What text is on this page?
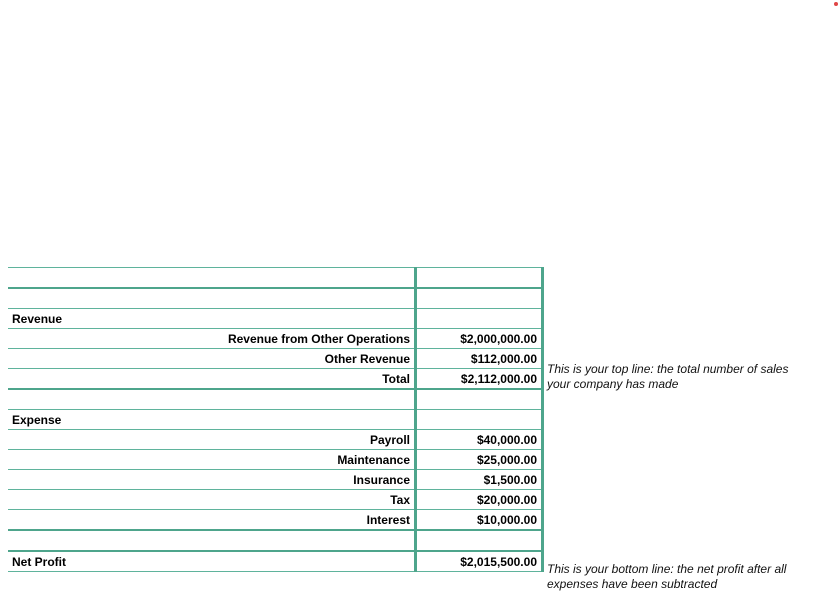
Revenue	
Revenue from Other Operations	$2,000,000.00
Other Revenue	$112,000.00
Total	$2,112,000.00

Expense	
Payroll	$40,000.00
Maintenance	$25,000.00
Insurance	$1,500.00
Tax	$20,000.00
Interest	$10,000.00

Net Profit	$2,015,500.00
This is your top line: the total number of sales your company has made
This is your bottom line: the net profit after all expenses have been subtracted
